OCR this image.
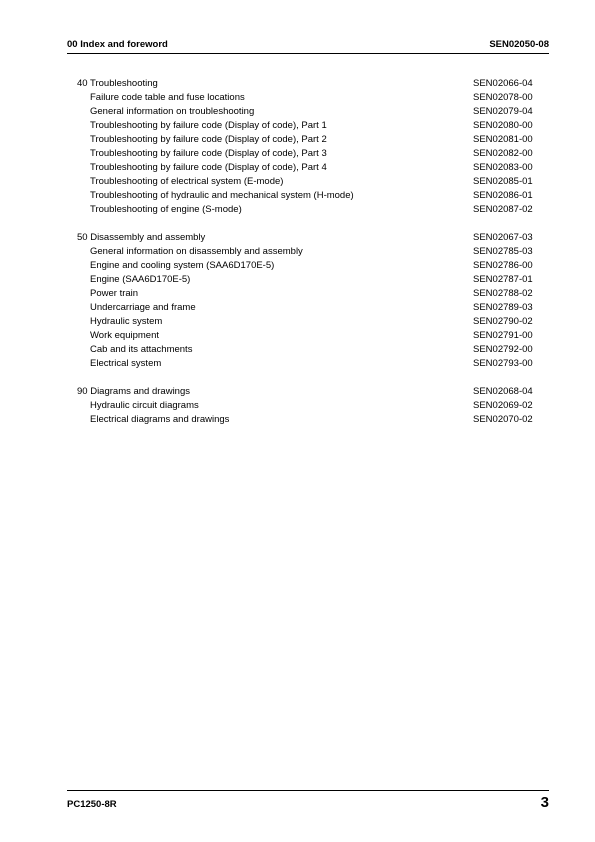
00 Index and foreword	SEN02050-08
40 Troubleshooting	SEN02066-04
Failure code table and fuse locations	SEN02078-00
General information on troubleshooting	SEN02079-04
Troubleshooting by failure code (Display of code), Part 1	SEN02080-00
Troubleshooting by failure code (Display of code), Part 2	SEN02081-00
Troubleshooting by failure code (Display of code), Part 3	SEN02082-00
Troubleshooting by failure code (Display of code), Part 4	SEN02083-00
Troubleshooting of electrical system (E-mode)	SEN02085-01
Troubleshooting of hydraulic and mechanical system (H-mode)	SEN02086-01
Troubleshooting of engine (S-mode)	SEN02087-02
50 Disassembly and assembly	SEN02067-03
General information on disassembly and assembly	SEN02785-03
Engine and cooling system (SAA6D170E-5)	SEN02786-00
Engine (SAA6D170E-5)	SEN02787-01
Power train	SEN02788-02
Undercarriage and frame	SEN02789-03
Hydraulic system	SEN02790-02
Work equipment	SEN02791-00
Cab and its attachments	SEN02792-00
Electrical system	SEN02793-00
90 Diagrams and drawings	SEN02068-04
Hydraulic circuit diagrams	SEN02069-02
Electrical diagrams and drawings	SEN02070-02
PC1250-8R	3
